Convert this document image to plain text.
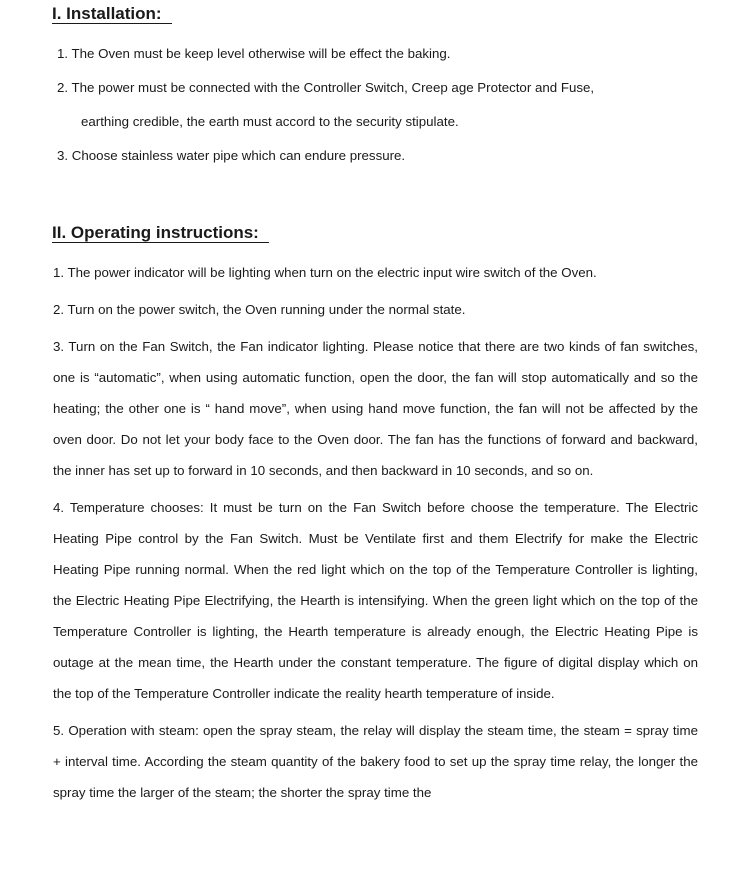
I. Installation:

1. The Oven must be keep level otherwise will be effect the baking.

2. The power must be connected with the Controller Switch, Creep age Protector and Fuse,
earthing credible, the earth must accord to the security stipulate.

3. Choose stainless water pipe which can endure pressure.

II. Operating instructions:

1. The power indicator will be lighting when turn on the electric input wire switch of the Oven.

2. Turn on the power switch, the Oven running under the normal state.

3. Turn on the Fan Switch, the Fan indicator lighting. Please notice that there are two kinds of fan switches, one is “automatic”, when using automatic function, open the door, the fan will stop automatically and so the heating; the other one is “ hand move”, when using hand move function, the fan will not be affected by the oven door. Do not let your body face to the Oven door. The fan has the functions of forward and backward, the inner has set up to forward in 10 seconds, and then backward in 10 seconds, and so on.

4. Temperature chooses: It must be turn on the Fan Switch before choose the temperature. The Electric Heating Pipe control by the Fan Switch. Must be Ventilate first and them Electrify for make the Electric Heating Pipe running normal. When the red light which on the top of the Temperature Controller is lighting, the Electric Heating Pipe Electrifying, the Hearth is intensifying. When the green light which on the top of the Temperature Controller is lighting, the Hearth temperature is already enough, the Electric Heating Pipe is outage at the mean time, the Hearth under the constant temperature. The figure of digital display which on the top of the Temperature Controller indicate the reality hearth temperature of inside.

5. Operation with steam: open the spray steam, the relay will display the steam time, the steam = spray time + interval time. According the steam quantity of the bakery food to set up the spray time relay, the longer the spray time the larger of the steam; the shorter the spray time the
